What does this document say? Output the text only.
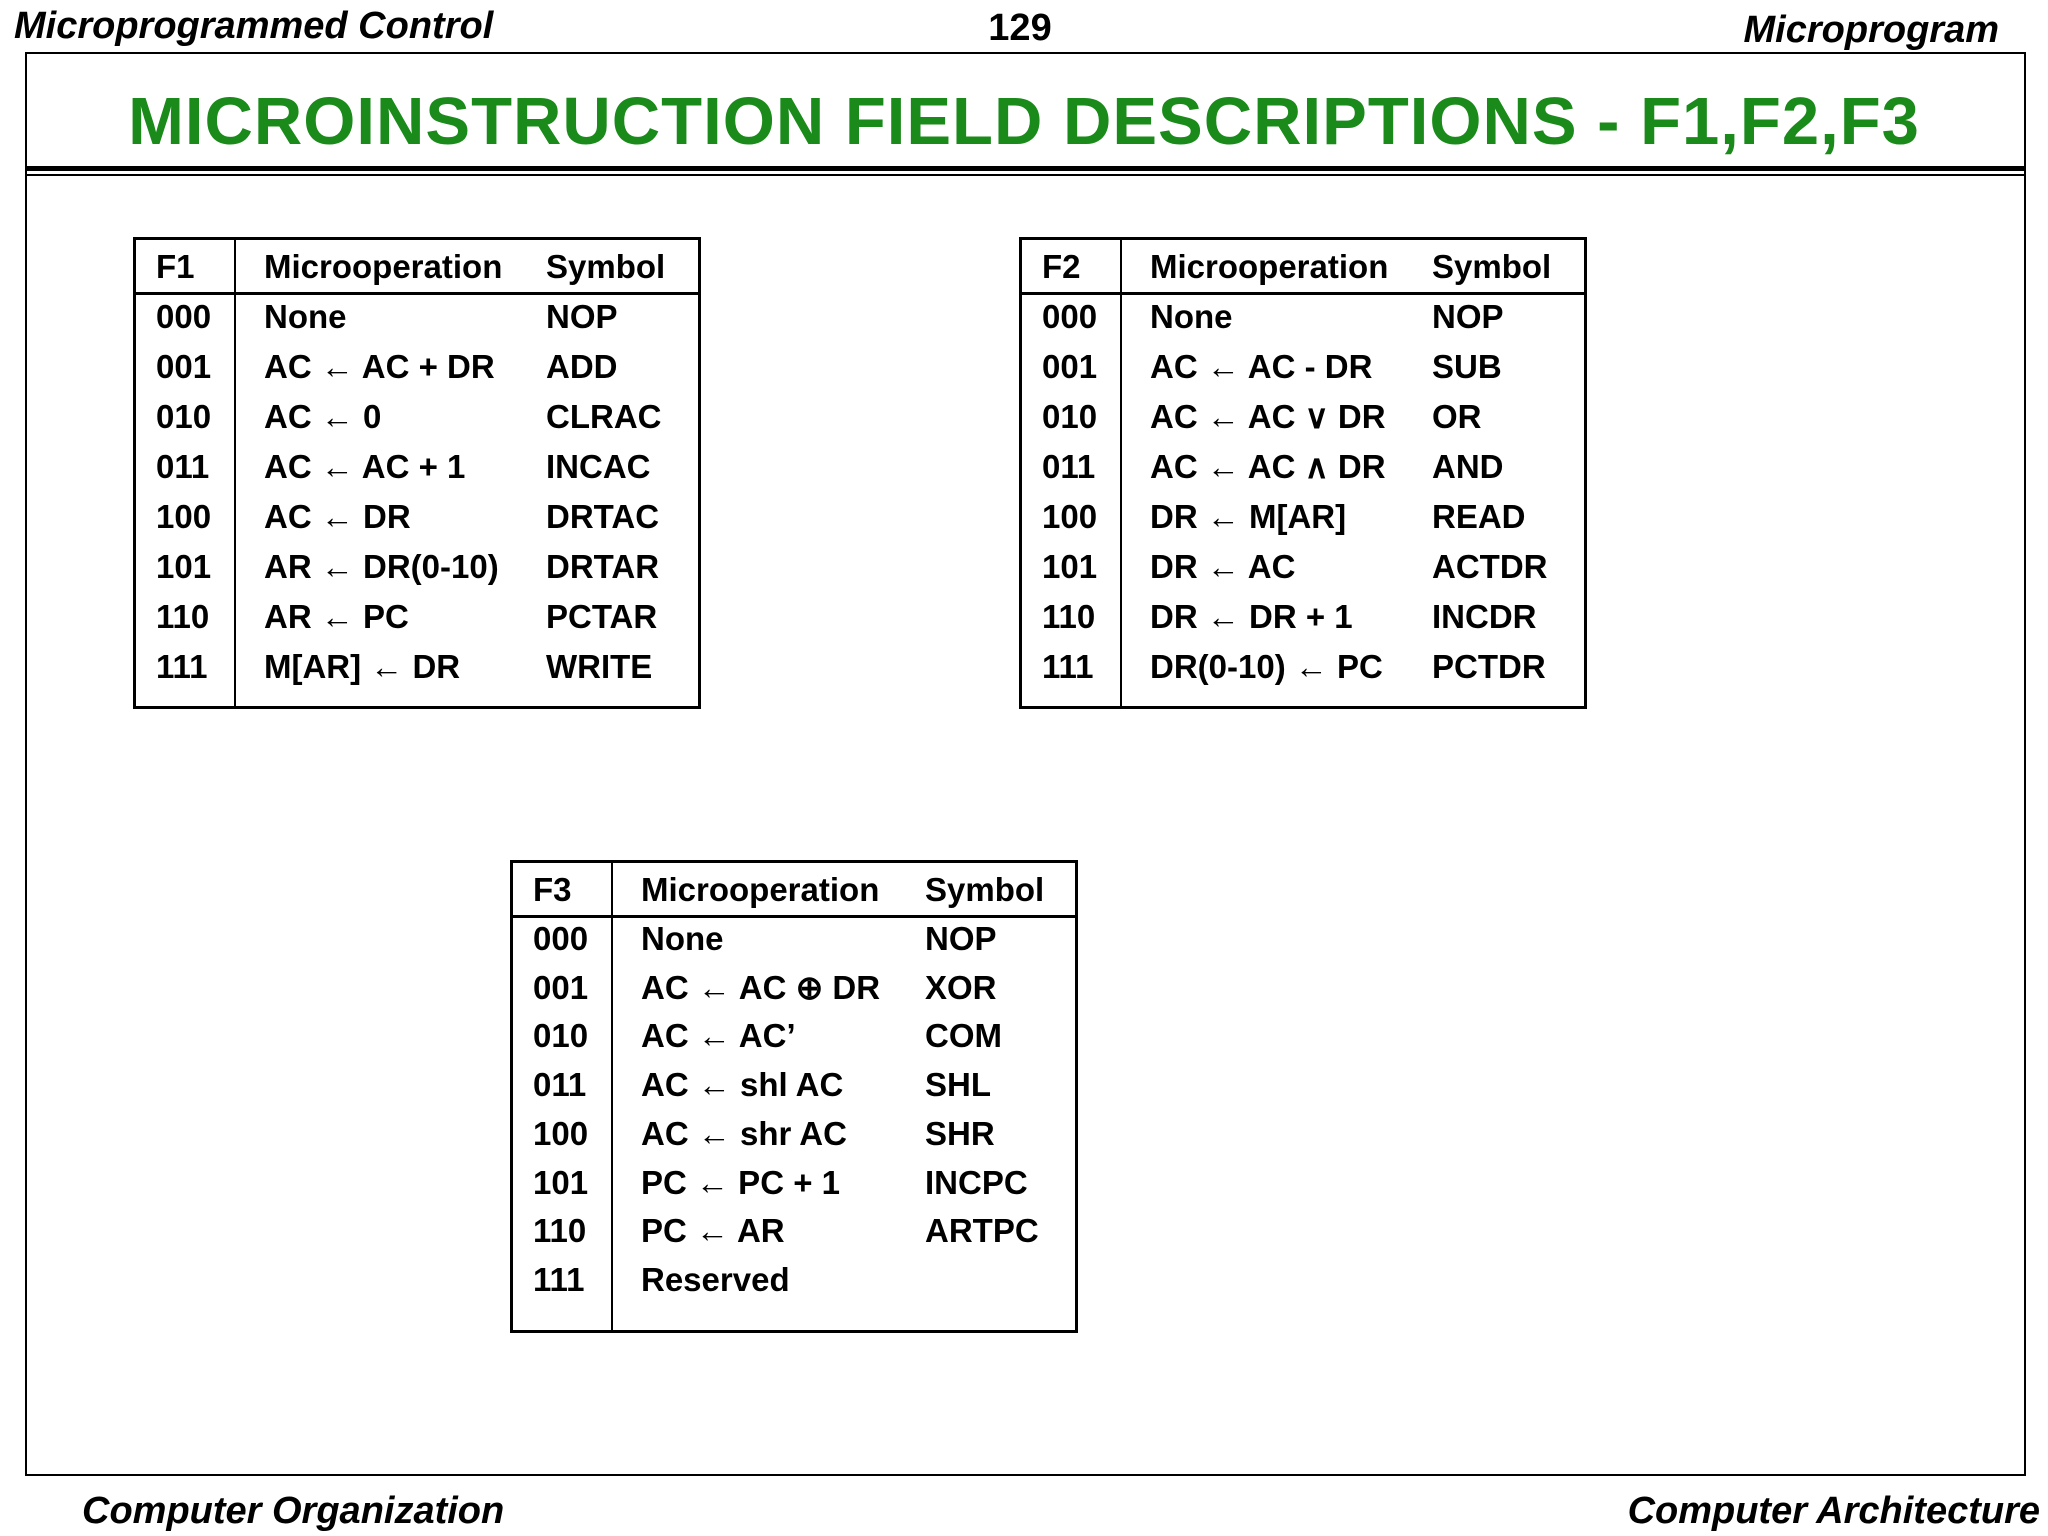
Microprogrammed Control	129	Microprogram
MICROINSTRUCTION FIELD DESCRIPTIONS - F1,F2,F3
F1 Microoperation Symbol
000 None	NOP
001 AC ← AC + DR ADD
010 AC ← 0	CLRAC
011 AC ← AC + 1 INCAC
100 AC ← DR	DRTAC
101 AR ← DR(0-10) DRTAR
110 AR ← PC	PCTAR
111 M[AR] ← DR	WRITE
F2 Microoperation Symbol
000 None	NOP
001 AC ← AC - DR SUB
010 AC ← AC ∨ DR OR
011 AC ← AC ∧ DR AND
100 DR ← M[AR]	READ
101 DR ← AC	ACTDR
110 DR ← DR + 1 INCDR
111 DR(0-10) ← PC PCTDR
F3 Microoperation Symbol
000 None	NOP
001 AC ← AC ⊕ DR XOR
010 AC ← AC’	COM
011 AC ← shl AC SHL
100 AC ← shr AC SHR
101 PC ← PC + 1	INCPC
110 PC ← AR	ARTPC
111 Reserved
Computer Organization	Computer Architecture
